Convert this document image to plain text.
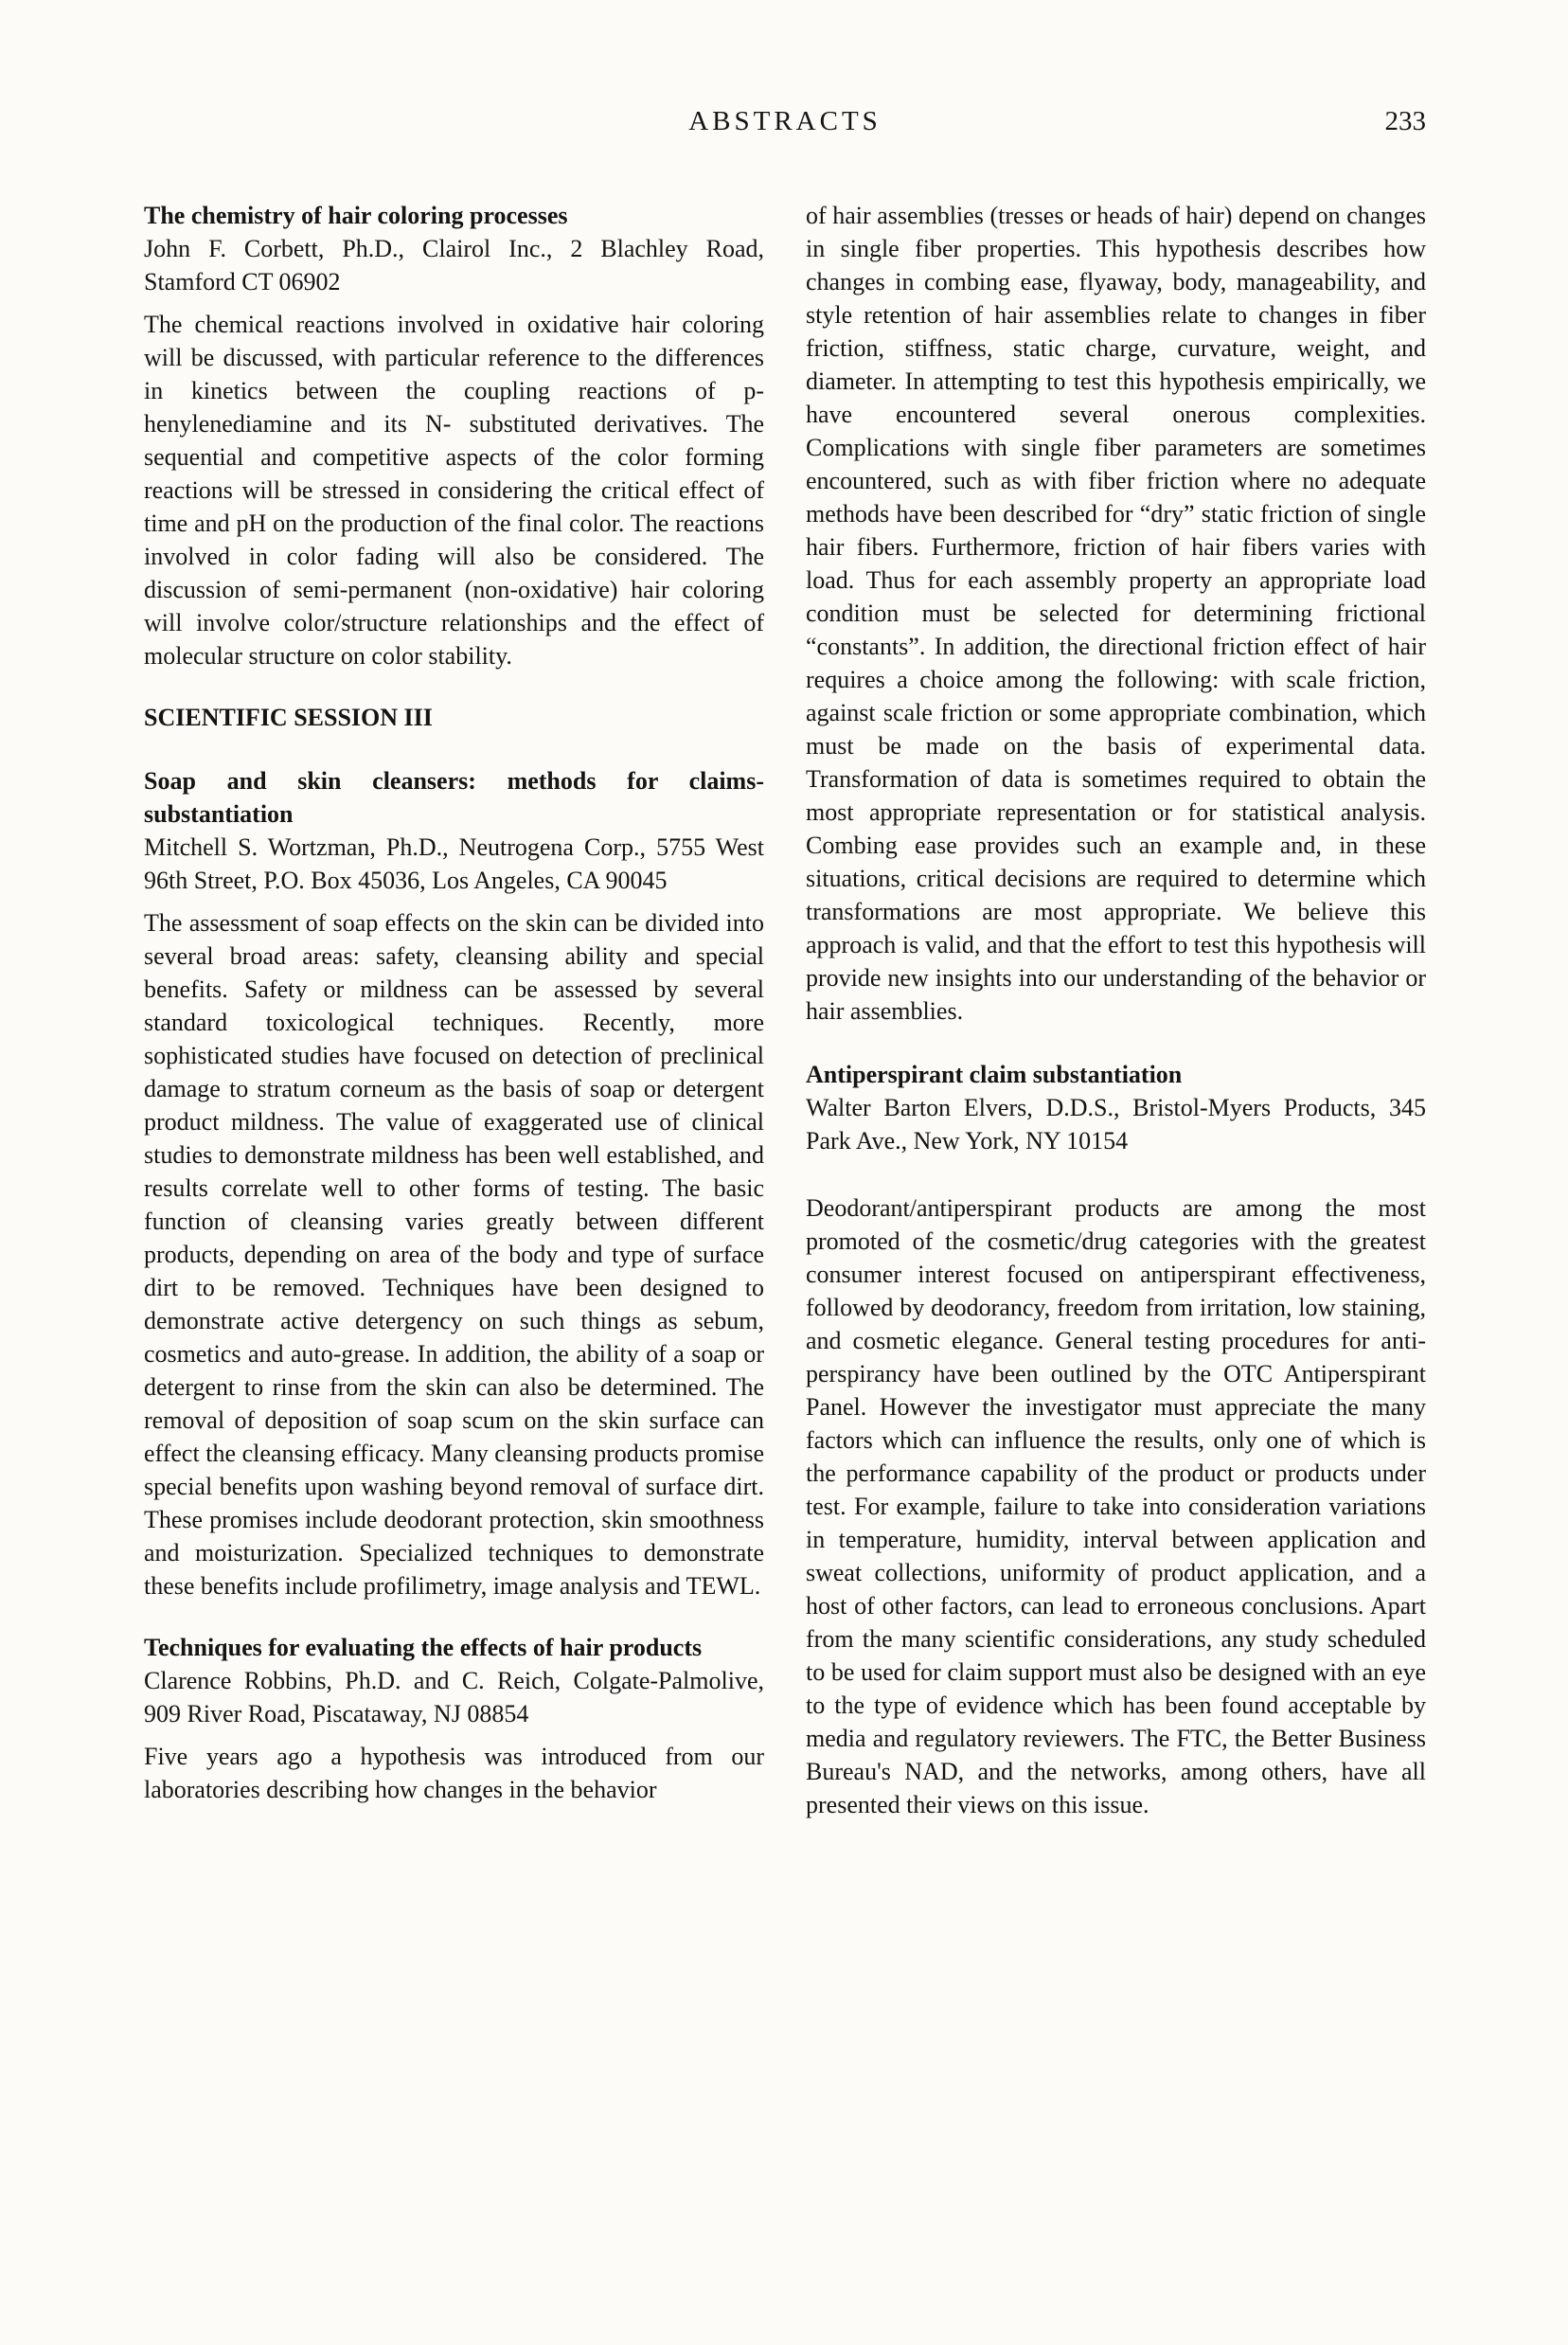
ABSTRACTS	233
The chemistry of hair coloring processes

John F. Corbett, Ph.D., Clairol Inc., 2 Blachley Road, Stamford CT 06902

The chemical reactions involved in oxidative hair coloring will be discussed, with particular reference to the differences in kinetics between the coupling reactions of p-henylenediamine and its N- substituted derivatives. The sequential and competitive aspects of the color forming reactions will be stressed in considering the critical effect of time and pH on the production of the final color. The reactions involved in color fading will also be considered. The discussion of semi-permanent (non-oxidative) hair coloring will involve color/structure relationships and the effect of molecular structure on color stability.

SCIENTIFIC SESSION III
Soap and skin cleansers: methods for claims-substantiation

Mitchell S. Wortzman, Ph.D., Neutrogena Corp., 5755 West 96th Street, P.O. Box 45036, Los Angeles, CA 90045

The assessment of soap effects on the skin can be divided into several broad areas: safety, cleansing ability and special benefits. Safety or mildness can be assessed by several standard toxicological techniques. Recently, more sophisticated studies have focused on detection of preclinical damage to stratum corneum as the basis of soap or detergent product mildness. The value of exaggerated use of clinical studies to demonstrate mildness has been well established, and results correlate well to other forms of testing. The basic function of cleansing varies greatly between different products, depending on area of the body and type of surface dirt to be removed. Techniques have been designed to demonstrate active detergency on such things as sebum, cosmetics and auto-grease. In addition, the ability of a soap or detergent to rinse from the skin can also be determined. The removal of deposition of soap scum on the skin surface can effect the cleansing efficacy. Many cleansing products promise special benefits upon washing beyond removal of surface dirt. These promises include deodorant protection, skin smoothness and moisturization. Specialized techniques to demonstrate these benefits include profilimetry, image analysis and TEWL.

Techniques for evaluating the effects of hair products

Clarence Robbins, Ph.D. and C. Reich, Colgate-Palmolive, 909 River Road, Piscataway, NJ 08854

Five years ago a hypothesis was introduced from our laboratories describing how changes in the behavior

of hair assemblies (tresses or heads of hair) depend on changes in single fiber properties. This hypothesis describes how changes in combing ease, flyaway, body, manageability, and style retention of hair assemblies relate to changes in fiber friction, stiffness, static charge, curvature, weight, and diameter. In attempting to test this hypothesis empirically, we have encountered several onerous complexities. Complications with single fiber parameters are sometimes encountered, such as with fiber friction where no adequate methods have been described for “dry” static friction of single hair fibers. Furthermore, friction of hair fibers varies with load. Thus for each assembly property an appropriate load condition must be selected for determining frictional “constants”. In addition, the directional friction effect of hair requires a choice among the following: with scale friction, against scale friction or some appropriate combination, which must be made on the basis of experimental data. Transformation of data is sometimes required to obtain the most appropriate representation or for statistical analysis. Combing ease provides such an example and, in these situations, critical decisions are required to determine which transformations are most appropriate. We believe this approach is valid, and that the effort to test this hypothesis will provide new insights into our understanding of the behavior or hair assemblies.

Antiperspirant claim substantiation

Walter Barton Elvers, D.D.S., Bristol-Myers Products, 345 Park Ave., New York, NY 10154

Deodorant/antiperspirant products are among the most promoted of the cosmetic/drug categories with the greatest consumer interest focused on antiperspirant effectiveness, followed by deodorancy, freedom from irritation, low staining, and cosmetic elegance. General testing procedures for anti-perspirancy have been outlined by the OTC Antiperspirant Panel. However the investigator must appreciate the many factors which can influence the results, only one of which is the performance capability of the product or products under test. For example, failure to take into consideration variations in temperature, humidity, interval between application and sweat collections, uniformity of product application, and a host of other factors, can lead to erroneous conclusions. Apart from the many scientific considerations, any study scheduled to be used for claim support must also be designed with an eye to the type of evidence which has been found acceptable by media and regulatory reviewers. The FTC, the Better Business Bureau's NAD, and the networks, among others, have all presented their views on this issue.
